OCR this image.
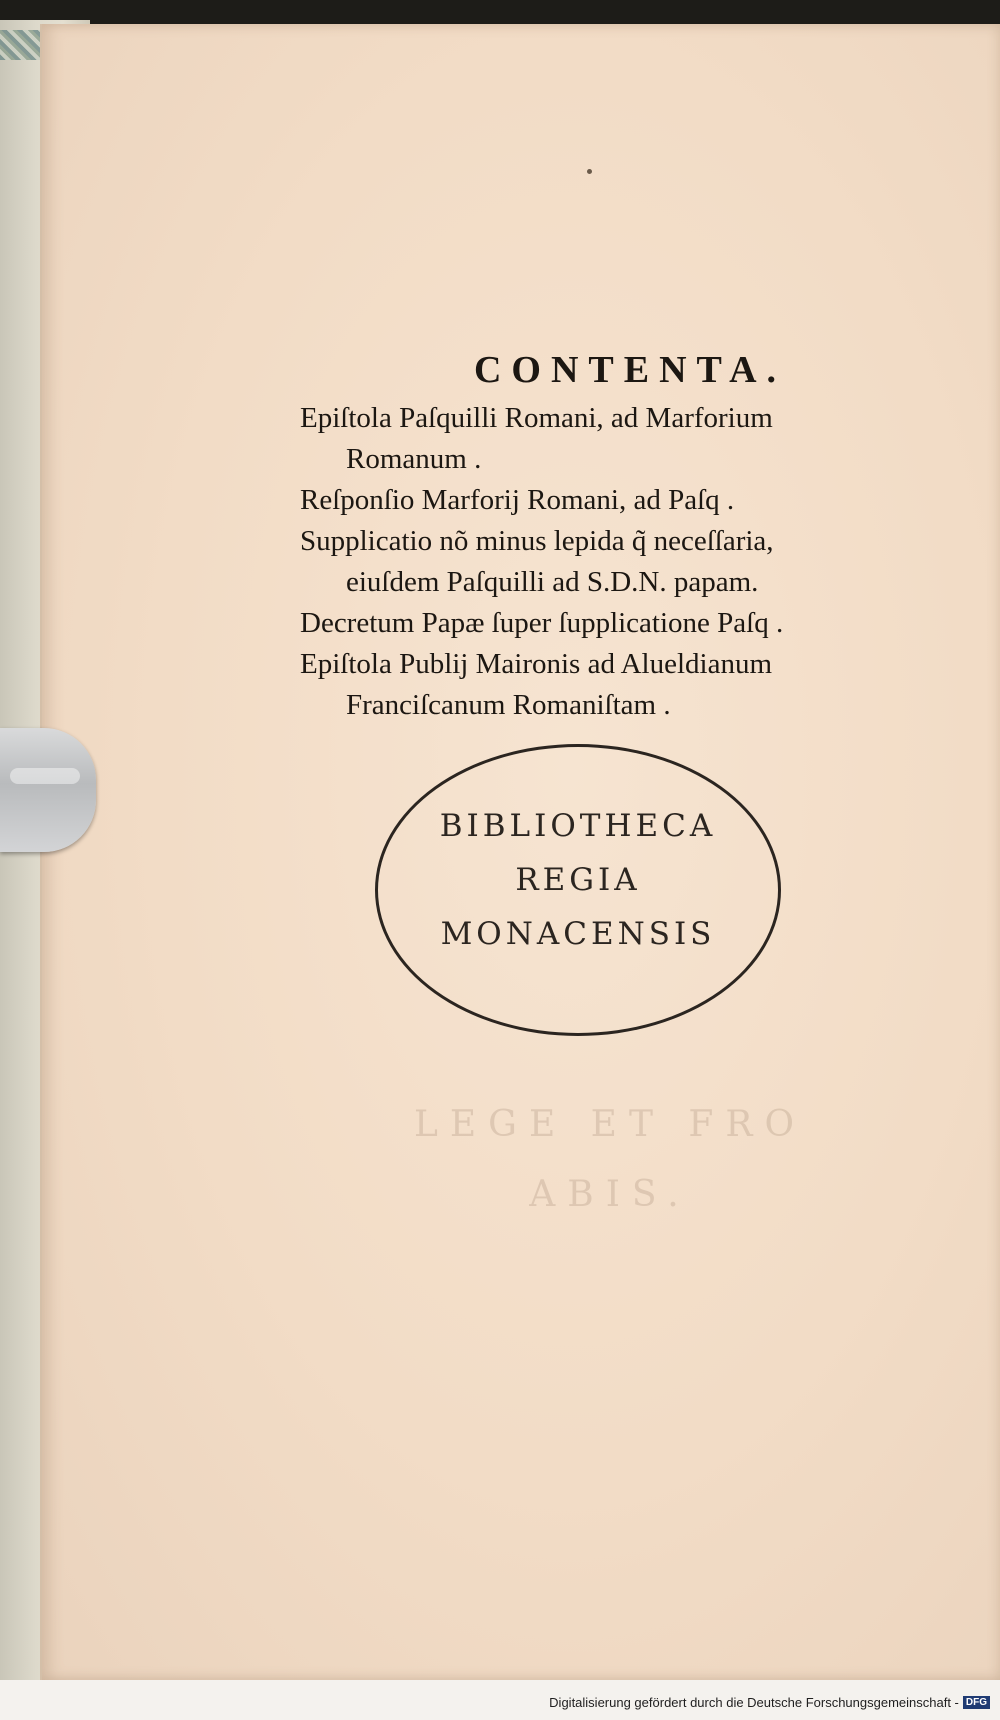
CONTENTA.

Epiſtola Paſquilli Romani, ad Marforium
Romanum .

Reſponſio Marforij Romani, ad Paſq .

Supplicatio nõ minus lepida q̃ neceſſaria,
eiuſdem Paſquilli ad S.D.N. papam.

Decretum Papæ ſuper ſupplicatione Paſq .

Epiſtola Publij Maironis ad Alueldianum
Franciſcanum Romaniſtam .

BIBLIOTHECA
REGIA
MONACENSIS
LEGE ET FRO
ABIS.
Digitalisierung gefördert durch die Deutsche Forschungsgemeinschaft - DFG
